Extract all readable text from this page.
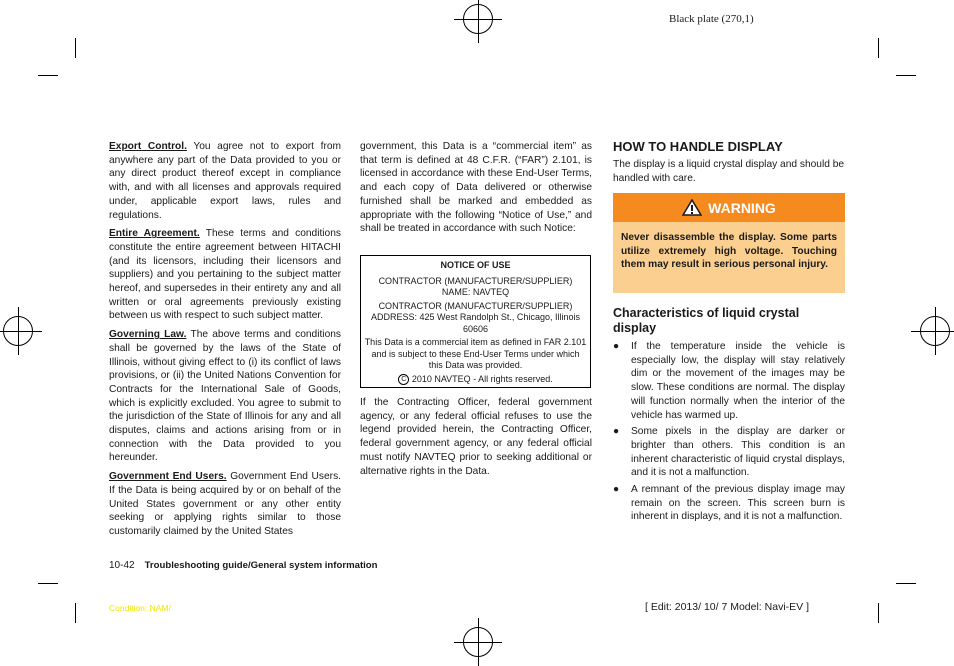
Black plate (270,1)

Export Control. You agree not to export from anywhere any part of the Data provided to you or any direct product thereof except in compliance with, and with all licenses and approvals required under, applicable export laws, rules and regulations.

Entire Agreement. These terms and conditions constitute the entire agreement between HITACHI (and its licensors, including their licensors and suppliers) and you pertaining to the subject matter hereof, and supersedes in their entirety any and all written or oral agreements previously existing between us with respect to such subject matter.

Governing Law. The above terms and conditions shall be governed by the laws of the State of Illinois, without giving effect to (i) its conflict of laws provisions, or (ii) the United Nations Convention for Contracts for the International Sale of Goods, which is explicitly excluded. You agree to submit to the jurisdiction of the State of Illinois for any and all disputes, claims and actions arising from or in connection with the Data provided to you hereunder.

Government End Users. Government End Users. If the Data is being acquired by or on behalf of the United States government or any other entity seeking or applying rights similar to those customarily claimed by the United States

government, this Data is a “commercial item” as that term is defined at 48 C.F.R. (“FAR”) 2.101, is licensed in accordance with these End-User Terms, and each copy of Data delivered or otherwise furnished shall be marked and embedded as appropriate with the following “Notice of Use,” and shall be treated in accordance with such Notice:
NOTICE OF USE
CONTRACTOR (MANUFACTURER/SUPPLIER) NAME: NAVTEQ
CONTRACTOR (MANUFACTURER/SUPPLIER) ADDRESS: 425 West Randolph St., Chicago, Illinois 60606
This Data is a commercial item as defined in FAR 2.101 and is subject to these End-User Terms under which this Data was provided.
C 2010 NAVTEQ - All rights reserved.
If the Contracting Officer, federal government agency, or any federal official refuses to use the legend provided herein, the Contracting Officer, federal government agency, or any federal official must notify NAVTEQ prior to seeking additional or alternative rights in the Data.
HOW TO HANDLE DISPLAY
The display is a liquid crystal display and should be handled with care.
WARNING
Never disassemble the display. Some parts utilize extremely high voltage. Touching them may result in serious personal injury.
Characteristics of liquid crystal display
● If the temperature inside the vehicle is especially low, the display will stay relatively dim or the movement of the images may be slow. These conditions are normal. The display will function normally when the interior of the vehicle has warmed up.
● Some pixels in the display are darker or brighter than others. This condition is an inherent characteristic of liquid crystal displays, and it is not a malfunction.
● A remnant of the previous display image may remain on the screen. This screen burn is inherent in displays, and it is not a malfunction.
10-42 Troubleshooting guide/General system information
Condition: NAM/	[ Edit: 2013/ 10/ 7 Model: Navi-EV ]
